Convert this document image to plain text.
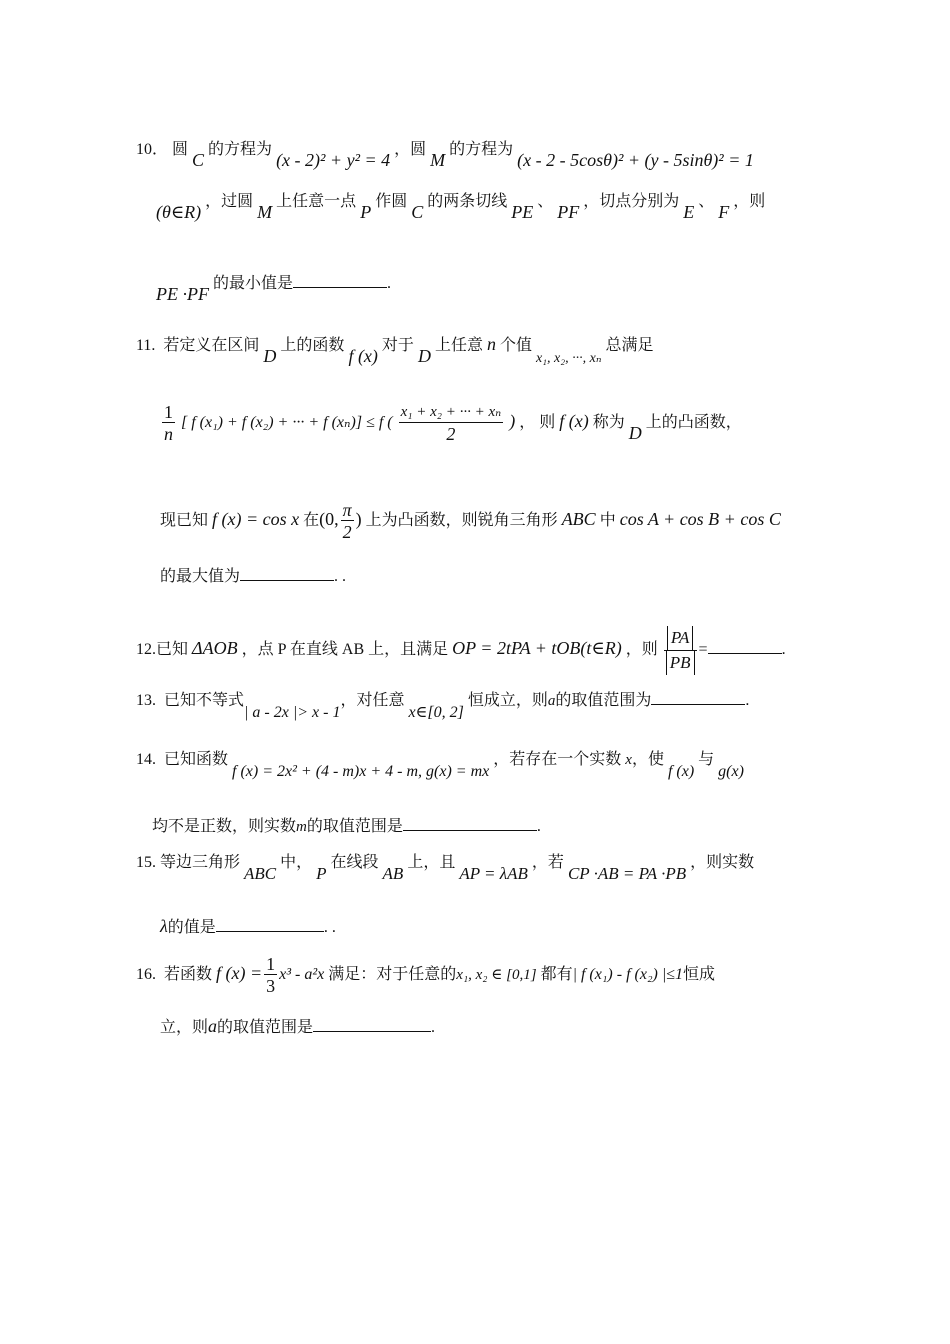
10． 圆 C 的方程为 (x - 2)² + y² = 4 ，圆 M 的方程为 (x - 2 - 5cosθ)² + (y - 5sinθ)² = 1
(θ∈R) ，过圆 M 上任意一点 P 作圆 C 的两条切线 PE 、 PF ，切点分别为 E 、 F ，则
PE ·PF 的最小值是	.
11. 若定义在区间 D 上的函数 f (x) 对于 D 上任意 n 个值 x₁, x₂, ···, xₙ 总满足
$\frac{1}{n}$ [ f (x₁) + f (x₂) + ··· + f (xₙ)] ≤ f ( $\frac{\text{x₁ + x₂ + ··· + xₙ}}{2}$ ) ， 则 f (x) 称为 D 上的凸函数，
现已知 f (x) = cos x 在(0, $\frac{\pi}{2}$ ) 上为凸函数，则锐角三角形 ABC 中 cos A + cos B + cos C
的最大值为	. .
12.已知 ΔAOB ，点 P 在直线 AB 上，且满足 OP = 2tPA + tOB(t∈R) ，则 $\frac{PA}{PB}$ =	.
13. 已知不等式| a - 2x |> x - 1，对任意 x∈[0, 2] 恒成立，则a的取值范围为	.
14. 已知函数 f (x) = 2x² + (4 - m)x + 4 - m, g(x) = mx ，若存在一个实数 x，使 f (x) 与 g(x)
均不是正数，则实数m的取值范围是	.
15. 等边三角形 ABC 中， P 在线段 AB 上，且 AP = λAB ，若 CP ·AB = PA ·PB ，则实数
λ的值是	. .
16. 若函数 f $(x) = \frac{1}{3} x^3 - a^2x$ 满足：对于任意的x₁, x₂ ∈ [0,1] 都有| f (x₁) - f (x₂) |≤1恒成
立，则a的取值范围是	.
